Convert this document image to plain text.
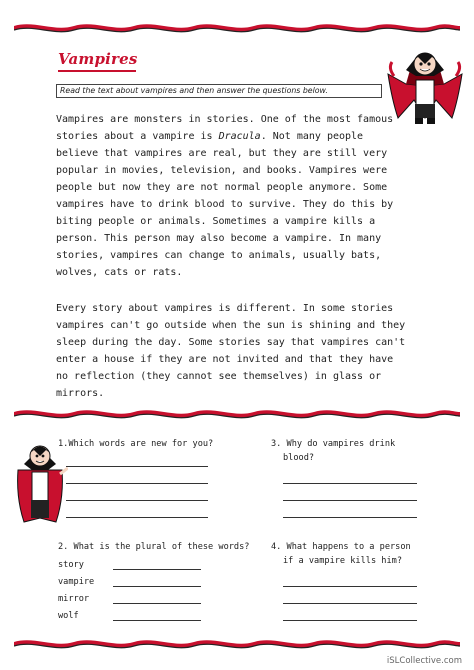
Vampires
Read the text about vampires and then answer the questions below.
Vampires are monsters in stories. One of the most famous stories about a vampire is Dracula. Not many people believe that vampires are real, but they are still very popular in movies, television, and books. Vampires were people but now they are not normal people anymore. Some vampires have to drink blood to survive. They do this by biting people or animals. Sometimes a vampire kills a person. This person may also become a vampire. In many stories, vampires can change to animals, usually bats, wolves, cats or rats.
Every story about vampires is different. In some stories vampires can't go outside when the sun is shining and they sleep during the day. Some stories say that vampires can't enter a house if they are not invited and that they have no reflection (they cannot see themselves) in glass or mirrors.
1.Which words are new for you?	3. Why do vampires drink
blood?
2. What is the plural of these words?
story
vampire
mirror
wolf
4. What happens to a person
if a vampire kills him?
iSLCollective.com
